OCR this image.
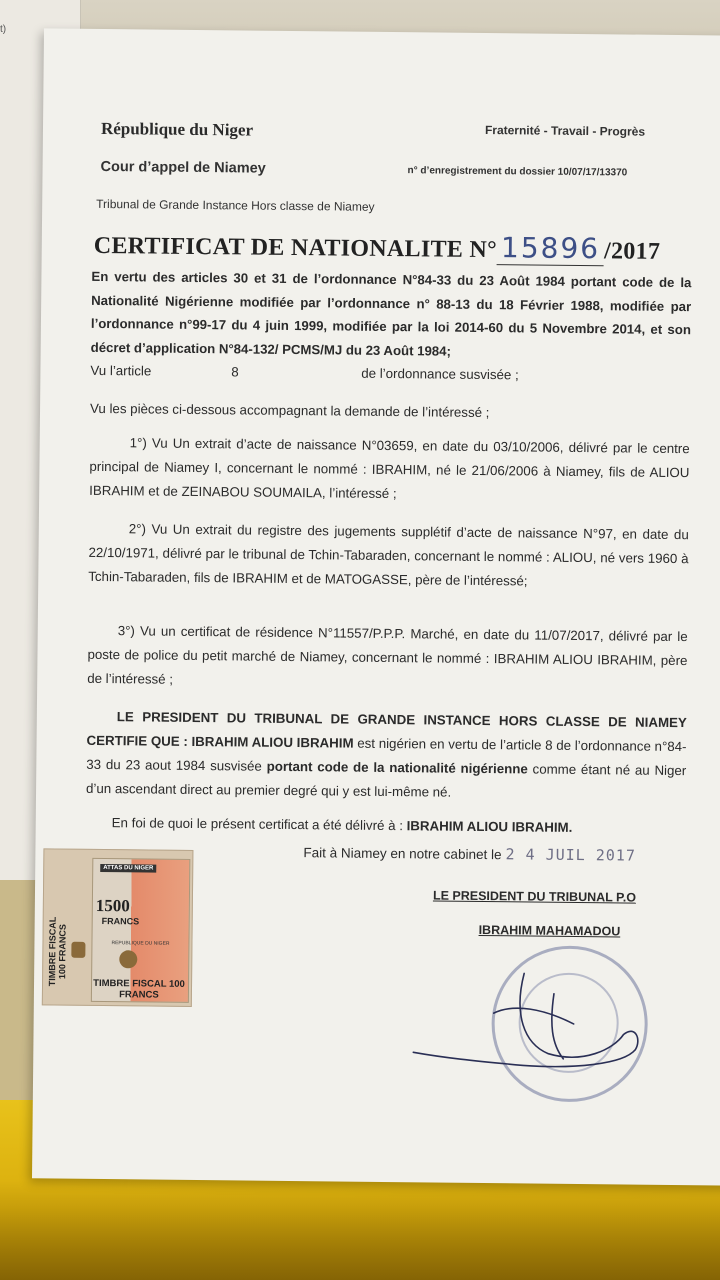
t)
République du Niger	Fraternité - Travail - Progrès
Cour d’appel de Niamey	n° d’enregistrement du dossier 10/07/17/13370
Tribunal de Grande Instance Hors classe de Niamey
CERTIFICAT DE NATIONALITE N° 15896 /2017
En vertu des articles 30 et 31 de l’ordonnance N°84-33 du 23 Août 1984 portant code de la Nationalité Nigérienne modifiée par l’ordonnance n° 88-13 du 18 Février 1988, modifiée par l’ordonnance n°99-17 du 4 juin 1999, modifiée par la loi 2014-60 du 5 Novembre 2014, et son décret d’application N°84-132/ PCMS/MJ du 23 Août 1984;
Vu l’article	8	de l’ordonnance susvisée ;
Vu les pièces ci-dessous accompagnant la demande de l’intéressé ;
1°) Vu Un extrait d’acte de naissance N°03659, en date du 03/10/2006, délivré par le centre principal de Niamey I, concernant le nommé : IBRAHIM, né le 21/06/2006 à Niamey, fils de ALIOU IBRAHIM et de ZEINABOU SOUMAILA, l’intéressé ;
2°) Vu Un extrait du registre des jugements supplétif d’acte de naissance N°97, en date du 22/10/1971, délivré par le tribunal de Tchin-Tabaraden, concernant le nommé : ALIOU, né vers 1960 à Tchin-Tabaraden, fils de IBRAHIM et de MATOGASSE, père de l’intéressé;
3°) Vu un certificat de résidence N°11557/P.P.P. Marché, en date du 11/07/2017, délivré par le poste de police du petit marché de Niamey, concernant le nommé : IBRAHIM ALIOU IBRAHIM, père de l’intéressé ;
LE PRESIDENT DU TRIBUNAL DE GRANDE INSTANCE HORS CLASSE DE NIAMEY CERTIFIE QUE : IBRAHIM ALIOU IBRAHIM est nigérien en vertu de l’article 8 de l’ordonnance n°84- 33 du 23 aout 1984 susvisée portant code de la nationalité nigérienne comme étant né au Niger d’un ascendant direct au premier degré qui y est lui-même né.
En foi de quoi le présent certificat a été délivré à : IBRAHIM ALIOU IBRAHIM.
Fait à Niamey en notre cabinet le 2 4 JUIL 2017
LE PRESIDENT DU TRIBUNAL P.O
IBRAHIM MAHAMADOU
TIMBRE FISCAL 100 FRANCS
ATTAS DU NIGER
1500
FRANCS
REPUBLIQUE DU NIGER
TIMBRE FISCAL 100 FRANCS
